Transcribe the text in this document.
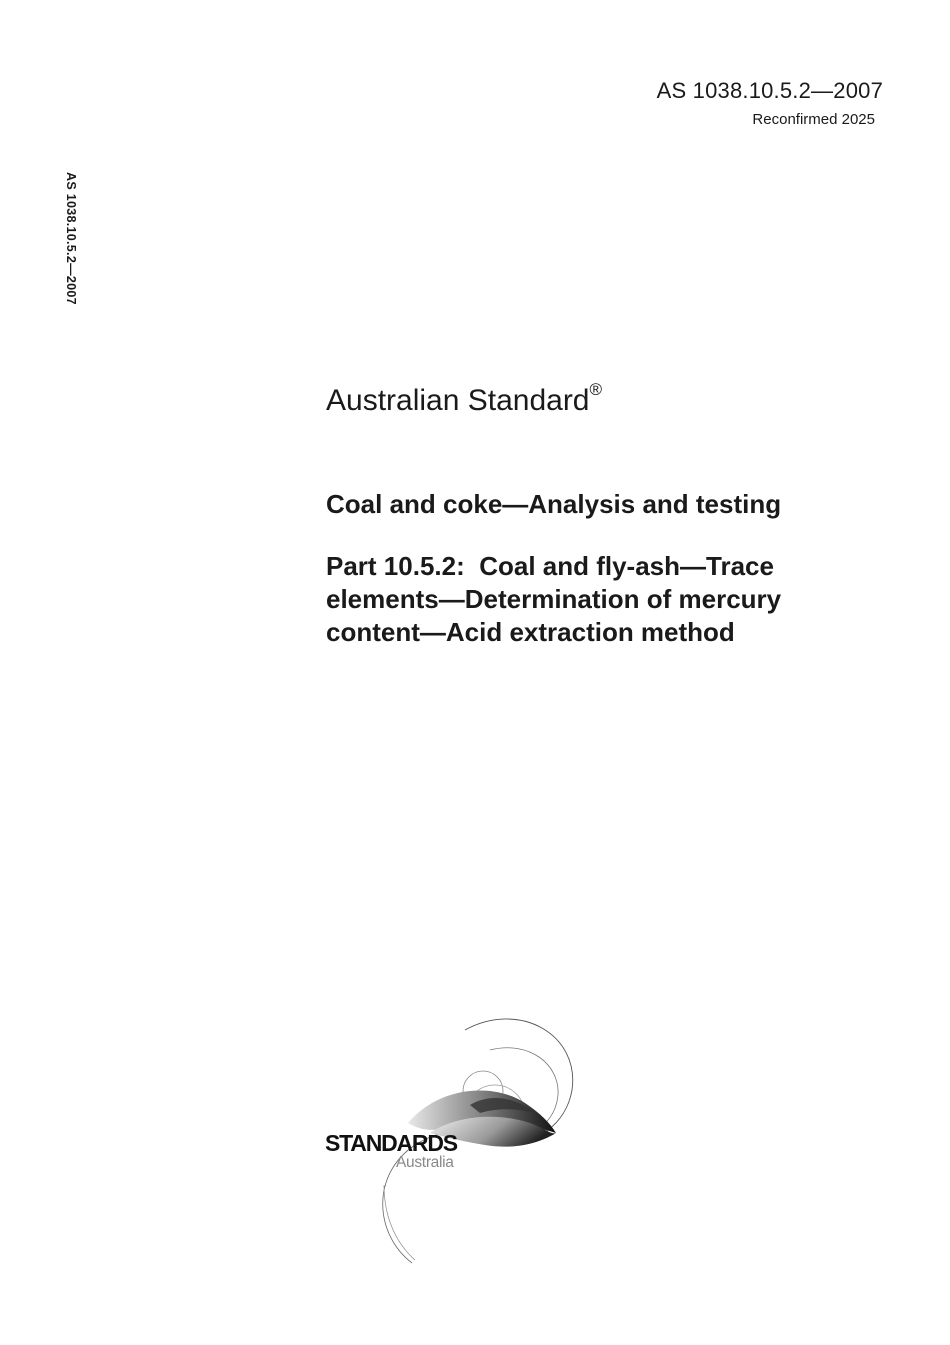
AS 1038.10.5.2—2007
Reconfirmed 2025
AS 1038.10.5.2—2007
Australian Standard®
Coal and coke—Analysis and testing
Part 10.5.2:  Coal and fly-ash—Trace
elements—Determination of mercury
content—Acid extraction method
STANDARDS
Australia
